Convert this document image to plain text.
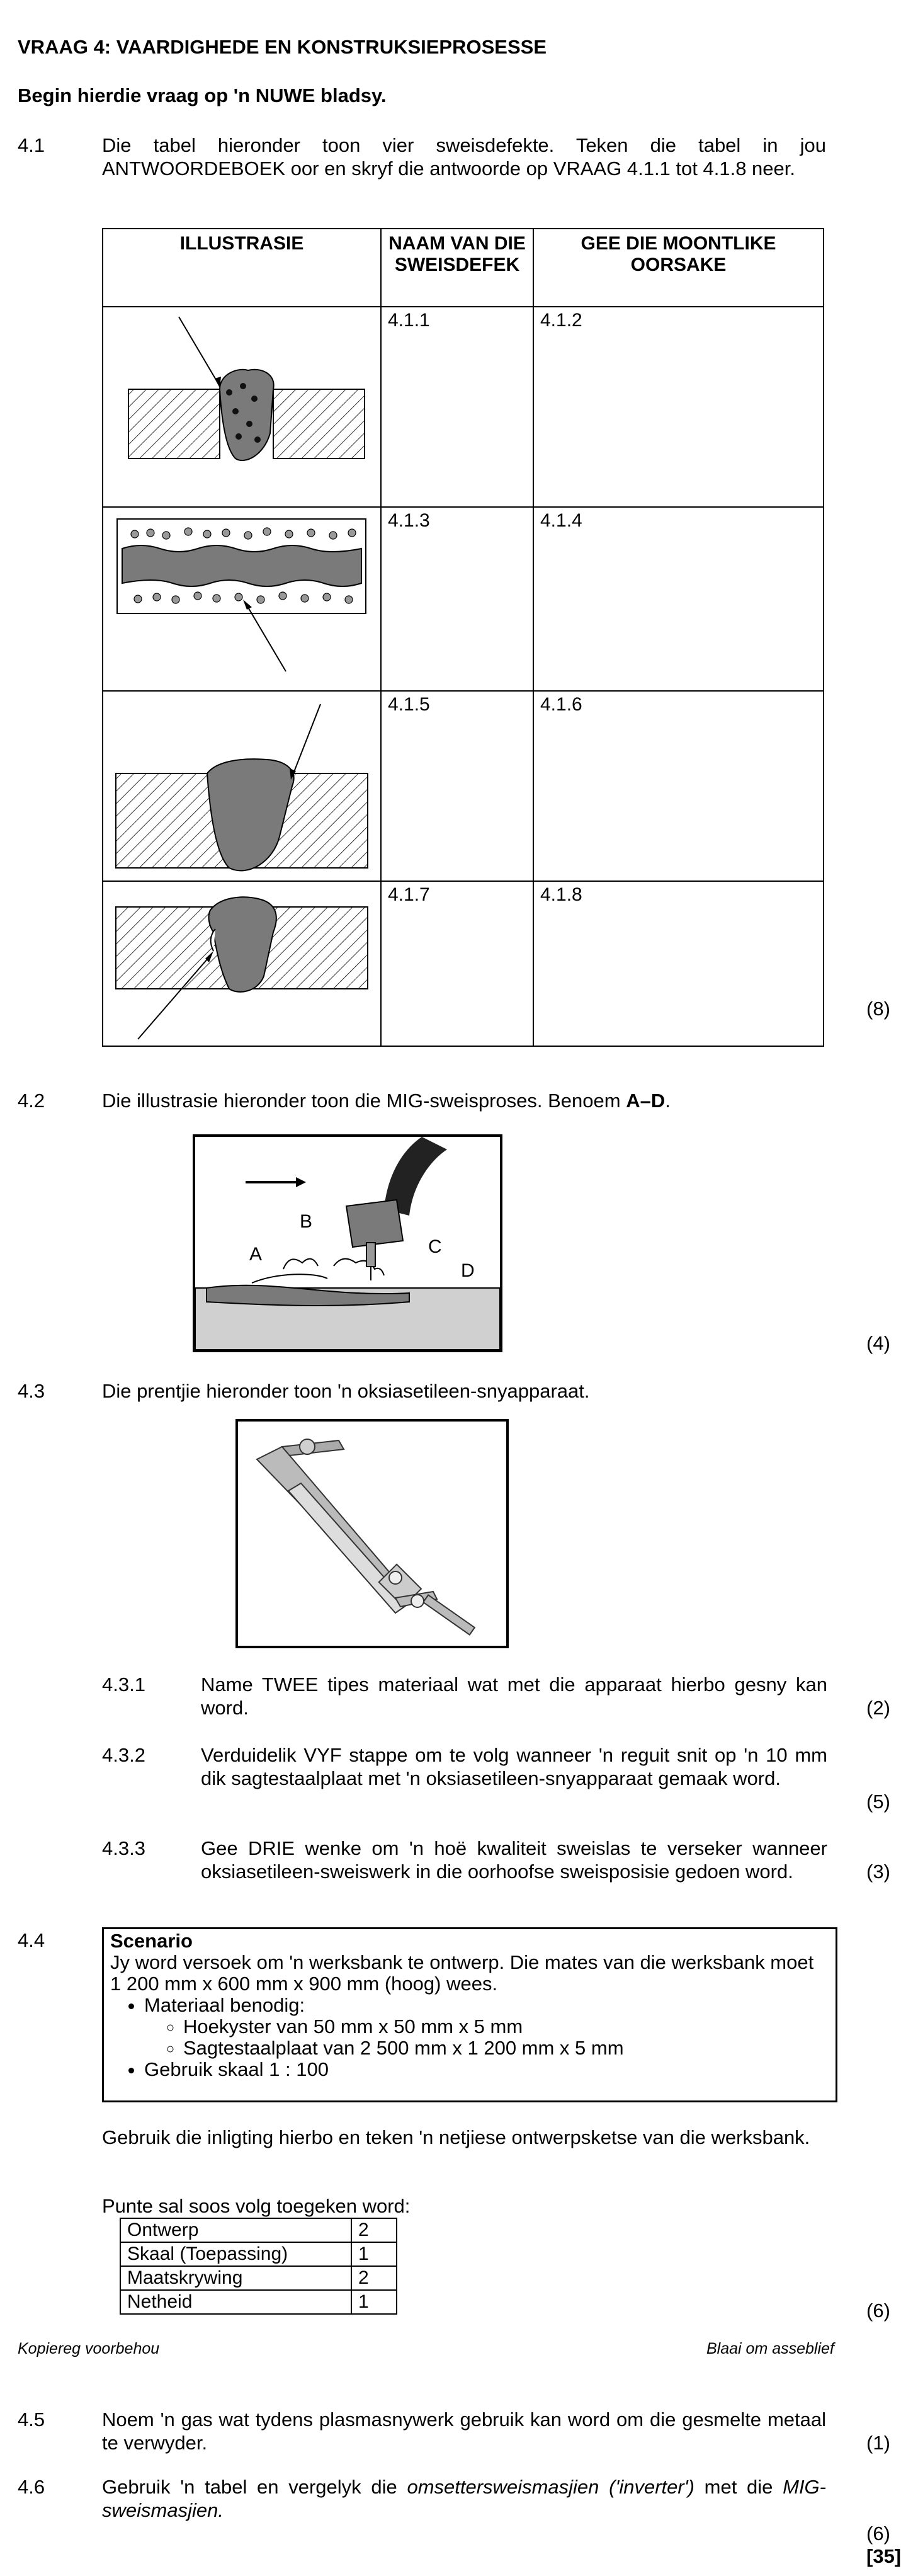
VRAAG 4: VAARDIGHEDE EN KONSTRUKSIEPROSESSE
Begin hierdie vraag op 'n NUWE bladsy.
4.1	Die tabel hieronder toon vier sweisdefekte. Teken die tabel in jou ANTWOORDEBOEK oor en skryf die antwoorde op VRAAG 4.1.1 tot 4.1.8 neer.
ILLUSTRASIE	NAAM VAN DIE SWEISDEFEK	GEE DIE MOONTLIKE OORSAKE

	4.1.1	4.1.2

	4.1.3	4.1.4

	4.1.5	4.1.6

	4.1.7	4.1.8
(8)
4.2	Die illustrasie hieronder toon die MIG-sweisproses. Benoem A–D.
A
B
C
D
(4)
4.3	Die prentjie hieronder toon 'n oksiasetileen-snyapparaat.
4.3.1	Name TWEE tipes materiaal wat met die apparaat hierbo gesny kan word.	(2)
4.3.2	Verduidelik VYF stappe om te volg wanneer 'n reguit snit op 'n 10 mm dik sagtestaalplaat met 'n oksiasetileen-snyapparaat gemaak word.
(5)
4.3.3	Gee DRIE wenke om 'n hoë kwaliteit sweislas te verseker wanneer oksiasetileen-sweiswerk in die oorhoofse sweisposisie gedoen word.	(3)
4.4	Scenario
Jy word versoek om 'n werksbank te ontwerp. Die mates van die werksbank moet 1 200 mm x 600 mm x 900 mm (hoog) wees.
• Materiaal benodig:
◦ Hoekyster van 50 mm x 50 mm x 5 mm
◦ Sagtestaalplaat van 2 500 mm x 1 200 mm x 5 mm
• Gebruik skaal 1 : 100
Gebruik die inligting hierbo en teken 'n netjiese ontwerpsketse van die werksbank.
Punte sal soos volg toegeken word:
Ontwerp	2
Skaal (Toepassing)	1
Maatskrywing	2
Netheid	1	(6)
Kopiereg voorbehou	Blaai om asseblief
4.5	Noem 'n gas wat tydens plasmasnywerk gebruik kan word om die gesmelte metaal te verwyder.	(1)
4.6	Gebruik 'n tabel en vergelyk die omsettersweismasjien ('inverter') met die MIG-sweismasjien.
(6)
[35]
